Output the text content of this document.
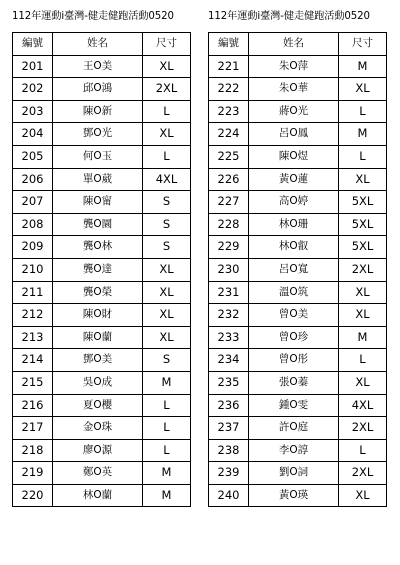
112年運動i臺灣-健走健跑活動0520
編號	姓名	尺寸
201	王O美	XL
202	邱O鴻	2XL
203	陳O新	L
204	鄧O光	XL
205	何O玉	L
206	單O葳	4XL
207	陳O甯	S
208	龔O圜	S
209	龔O林	S
210	龔O達	XL
211	龔O榮	XL
212	陳O財	XL
213	陳O蘭	XL
214	鄧O美	S
215	吳O成	M
216	夏O櫻	L
217	金O珠	L
218	廖O源	L
219	鄭O英	M
220	林O蘭	M
112年運動i臺灣-健走健跑活動0520
編號	姓名	尺寸
221	朱O萍	M
222	朱O華	XL
223	蔣O光	L
224	呂O鳳	M
225	陳O煜	L
226	黃O蓮	XL
227	高O婷	5XL
228	林O珊	5XL
229	林O叡	5XL
230	呂O寬	2XL
231	溫O筑	XL
232	曾O美	XL
233	曾O珍	M
234	曾O彤	L
235	張O蓁	XL
236	鍾O雯	4XL
237	許O庭	2XL
238	李O諄	L
239	劉O詞	2XL
240	黃O瑛	XL
